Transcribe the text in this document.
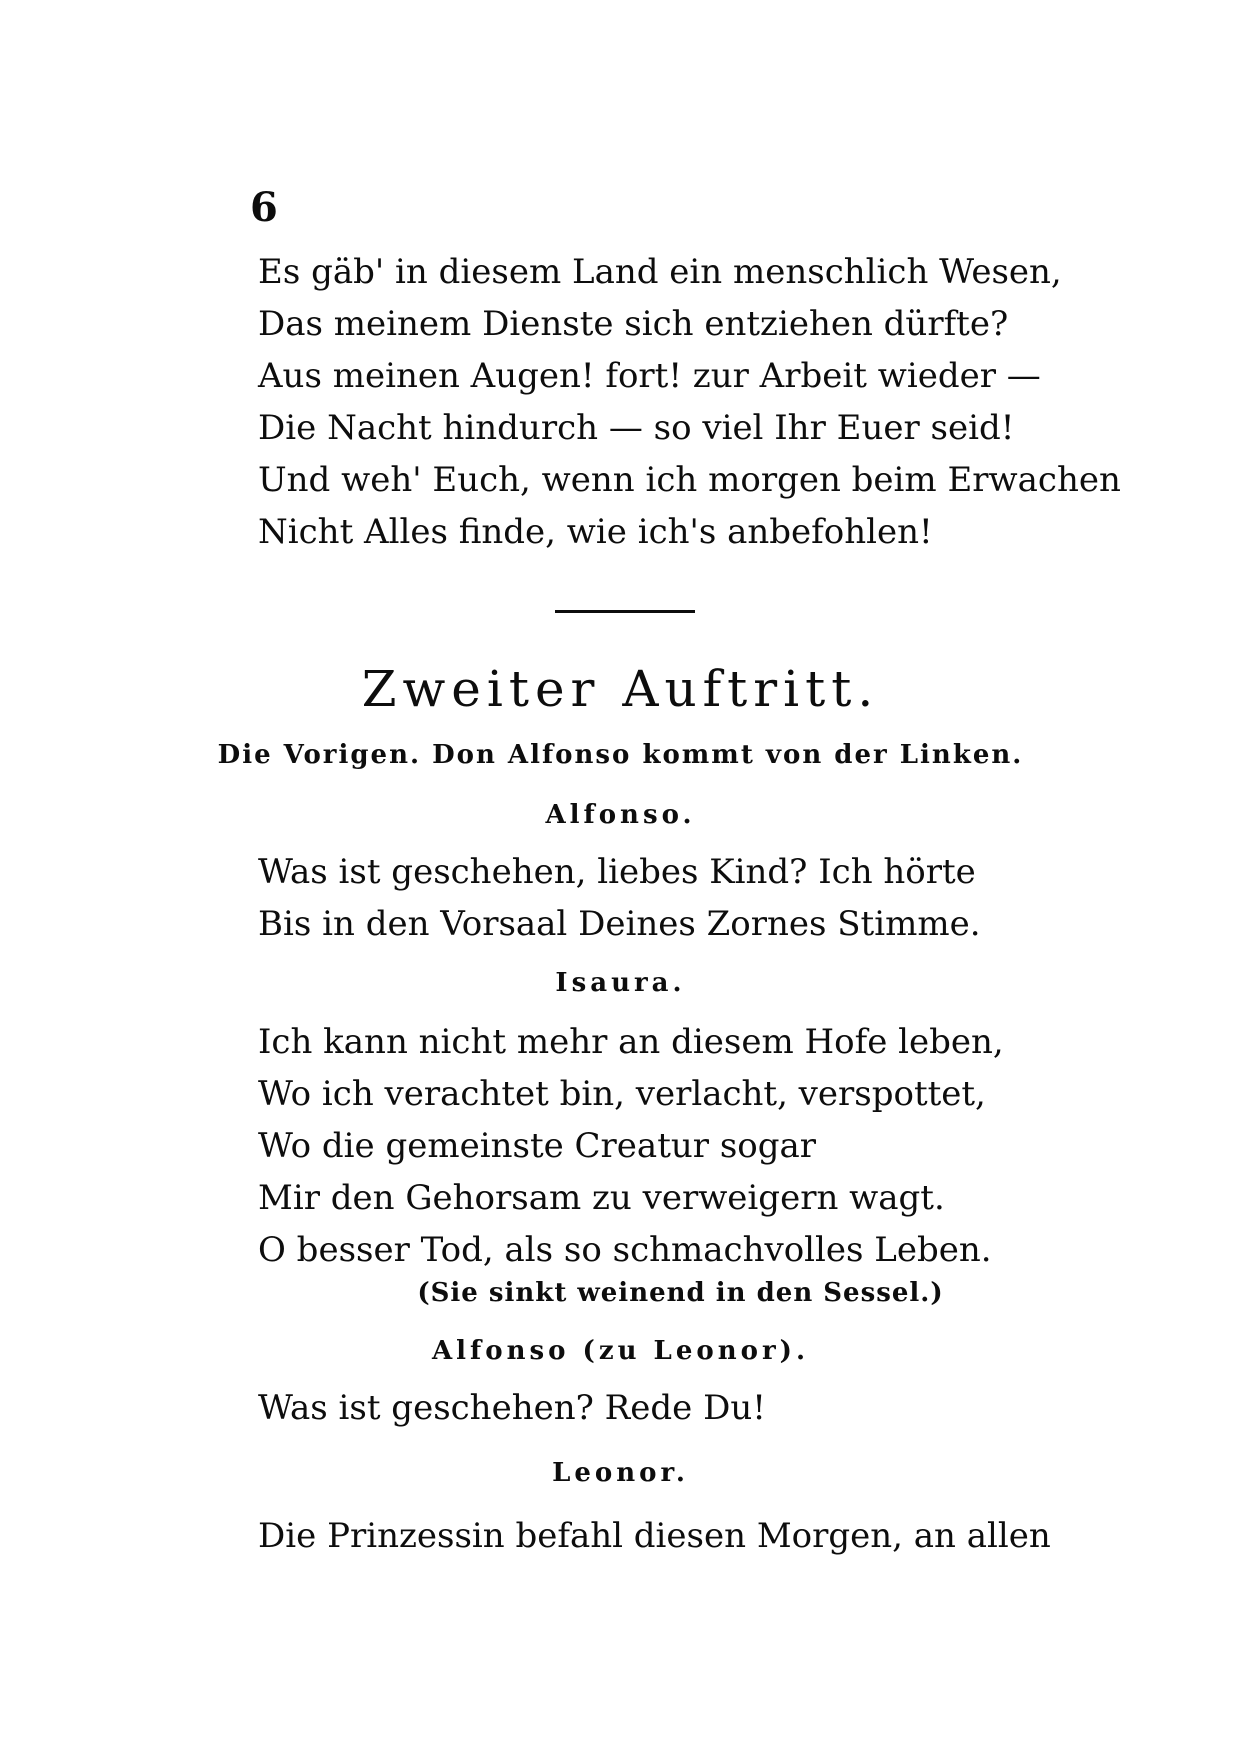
6
Es gäb' in diesem Land ein menschlich Wesen,
Das meinem Dienste sich entziehen dürfte?
Aus meinen Augen! fort! zur Arbeit wieder —
Die Nacht hindurch — so viel Ihr Euer seid!
Und weh' Euch, wenn ich morgen beim Erwachen
Nicht Alles finde, wie ich's anbefohlen!
Zweiter Auftritt.
Die Vorigen. Don Alfonso kommt von der Linken.
Alfonso.
Was ist geschehen, liebes Kind? Ich hörte
Bis in den Vorsaal Deines Zornes Stimme.
Isaura.
Ich kann nicht mehr an diesem Hofe leben,
Wo ich verachtet bin, verlacht, verspottet,
Wo die gemeinste Creatur sogar
Mir den Gehorsam zu verweigern wagt.
O besser Tod, als so schmachvolles Leben.
(Sie sinkt weinend in den Sessel.)
Alfonso (zu Leonor).
Was ist geschehen? Rede Du!
Leonor.
Die Prinzessin befahl diesen Morgen, an allen
